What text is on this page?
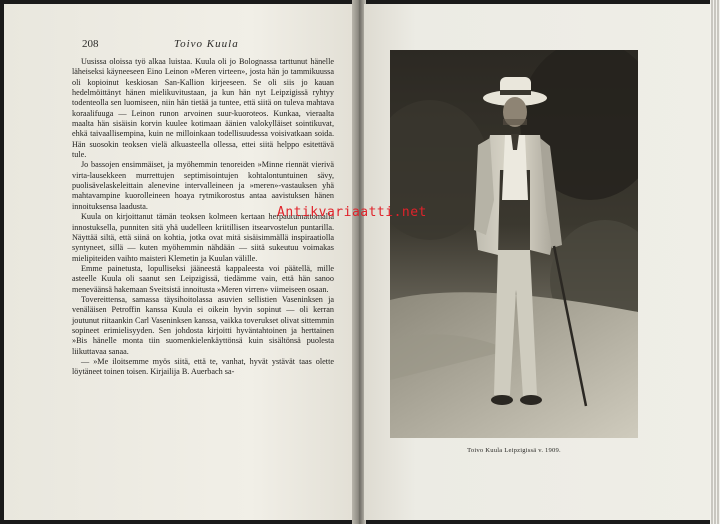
208	Toivo Kuula

Uusissa oloissa työ alkaa luistaa. Kuula oli jo Bolognassa tarttunut hänelle läheiseksi käyneeseen Eino Leinon »Meren virteen», josta hän jo tammikuussa oli kopioinut keskiosan San-Kallion kirjeeseen. Se oli siis jo kauan hedelmöittänyt hänen mielikuvitustaan, ja kun hän nyt Leipzigissä ryhtyy todenteolla sen luomiseen, niin hän tietää ja tuntee, että siitä on tuleva mahtava koraalifuuga — Leinon runon arvoinen suur-kuoroteos. Kunkaa, vieraalta maalta hän sisäisin korvin kuulee kotimaan äänien valokylläiset sointikuvat, ehkä taivaallisempina, kuin ne milloinkaan todellisuudessa voisivatkaan soida. Hän suosokin teoksen vielä alkuasteella ollessa, ettei siitä helppo esitettävä tule.

Jo bassojen ensimmäiset, ja myöhemmin tenoreiden »Minne riennät vierivä virta-lausekkeen murrettujen septimisointujen kohtalontuntuinen sävy, puolisävelaskeleittain alenevine intervalleineen ja »meren»-vastauksen yhä mahtavampine kuorolleineen hoaya rytmikorostus antaa aavistuksen hänen innoituksensa laadusta.

Kuula on kirjoittanut tämän teoksen kolmeen kertaan herpautumattomalla innostuksella, punniten sitä yhä uudelleen kriitillisen itsearvostelun puntarilla. Näyttää siltä, että siinä on kohtia, jotka ovat mitä sisäisimmällä inspiraatiolla syntyneet, sillä — kuten myöhemmin nähdään — siitä sukeutuu voimakas mielipiteiden vaihto maisteri Klemetin ja Kuulan välille.

Emme painetusta, lopulliseksi jääneestä kappaleesta voi päätellä, mille asteelle Kuula oli saanut sen Leipzigissä, tiedämme vain, että hän sanoo meneväänsä hakemaan Sveitsistä innoitusta »Meren virren» viimeiseen osaan.

Tovereittensa, samassa täysihoitolassa asuvien sellistien Vaseninksen ja venäläisen Petroffin kanssa Kuula ei oikein hyvin sopinut — oli kerran joutunut riitaankin Carl Vaseninksen kanssa, vaikka toverukset olivat sittemmin sopineet erimielisyyden. Sen johdosta kirjoitti hyväntahtoinen ja herttainen »Bis hänelle monta tiin suomenkielenkäyttönsä kuin sisältönsä puolesta liikuttavaa sanaa.

— »Me iloitsemme myös siitä, että te, vanhat, hyvät ystävät taas olette löytäneet toinen toisen. Kirjailija B. Auerbach sa-

Toivo Kuula Leipzigissä v. 1909.
Antikvariaatti.net
